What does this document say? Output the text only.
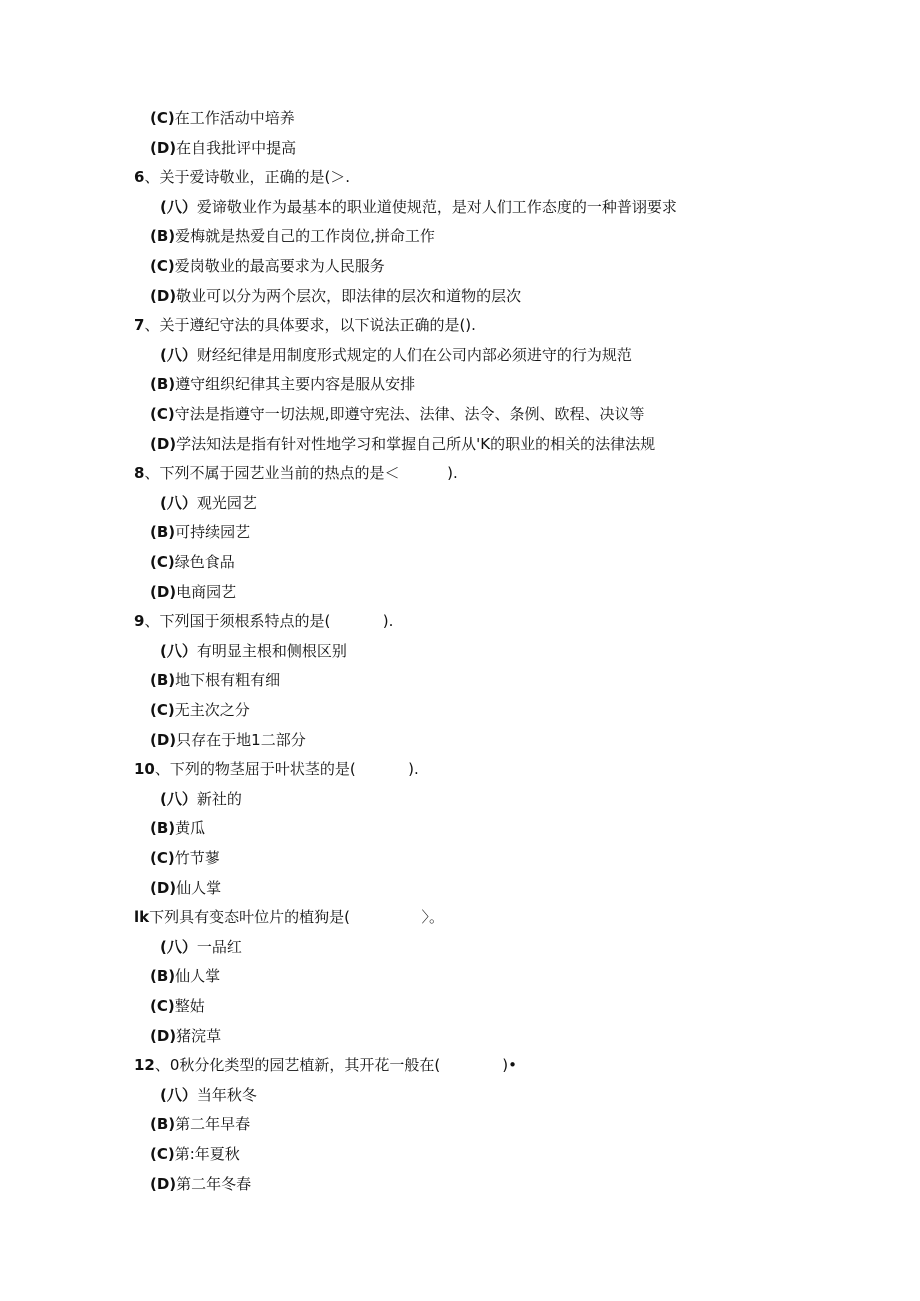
(C)在工作活动中培养
(D)在自我批评中提高
6、关于爱诗敬业，正确的是(＞.
(八）爱谛敬业作为最基本的职业道使规范，是对人们工作态度的一种普诩要求
(B)爱梅就是热爱自己的工作岗位,拼命工作
(C)爱岗敬业的最高要求为人民服务
(D)敬业可以分为两个层次，即法律的层次和道物的层次
7、关于遵纪守法的具体要求，以下说法正确的是().
(八）财经纪律是用制度形式规定的人们在公司内部必须进守的行为规范
(B)遵守组织纪律其主要内容是服从安排
(C)守法是指遵守一切法规,即遵守宪法、法律、法令、条例、欧程、决议等
(D)学法知法是指有针对性地学习和掌握自己所从'K的职业的相关的法律法规
8、下列不属于园艺业当前的热点的是＜          ).
(八）观光园艺
(B)可持续园艺
(C)绿色食品
(D)电商园艺
9、下列国于须根系特点的是(           ).
(八）有明显主根和侧根区别
(B)地下根有粗有细
(C)无主次之分
(D)只存在于地1二部分
10、下列的物茎屈于叶状茎的是(           ).
(八）新社的
(B)黄瓜
(C)竹节蓼
(D)仙人掌
lk下列具有变态叶位片的植狗是(               〉。
(八）一品红
(B)仙人掌
(C)整姑
(D)猪浣草
12、0秋分化类型的园艺植新，其开花一般在(             )•
(八）当年秋冬
(B)第二年早春
(C)第:年夏秋
(D)第二年冬春
